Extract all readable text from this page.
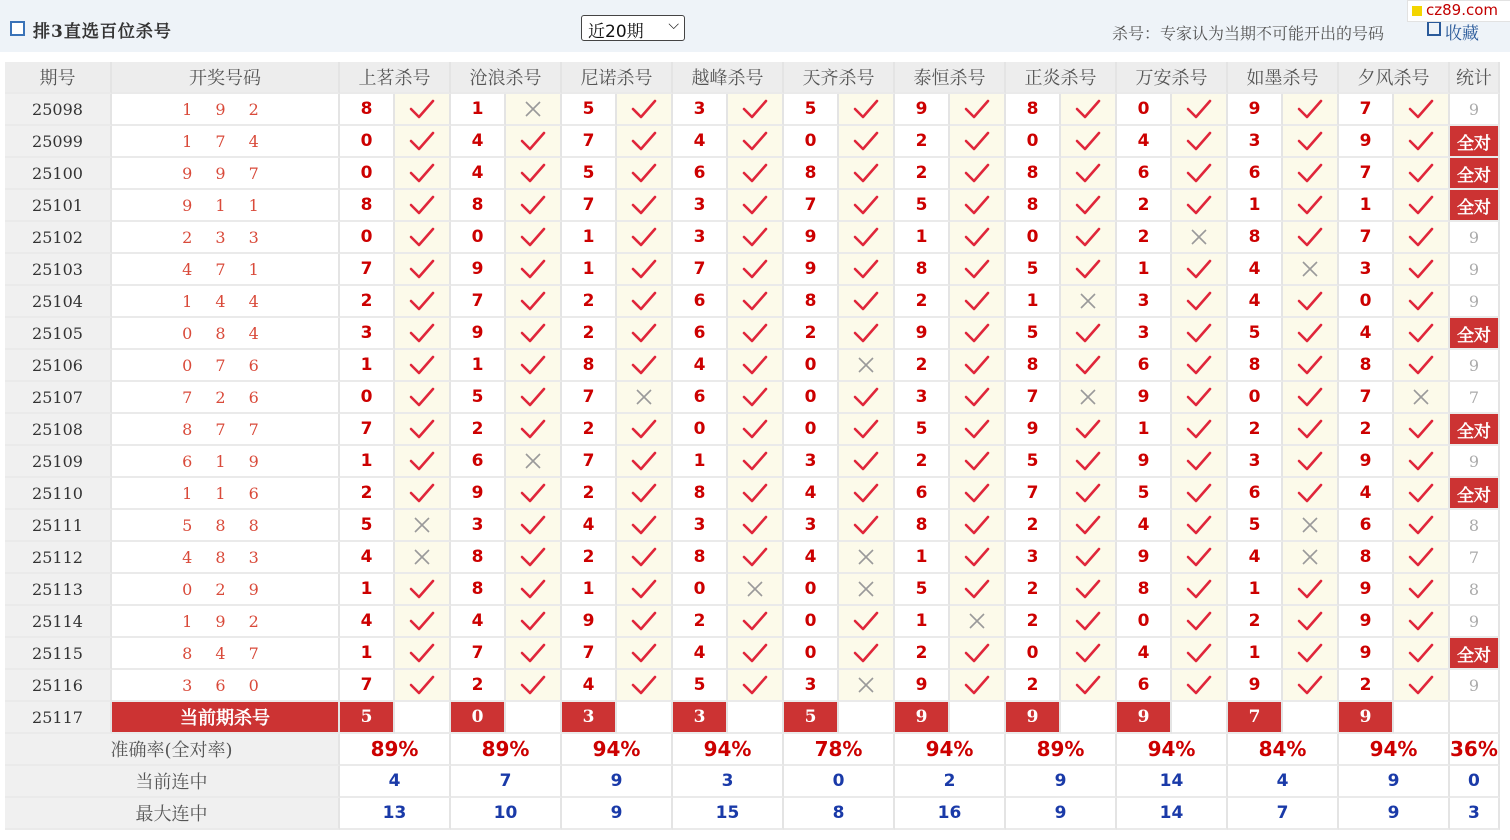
排3直选百位杀号	近20期 ⌵	杀号：专家认为当期不可能开出的号码	收藏
cz89.com
期号	开奖号码	上茗杀号		沧浪杀号		尼诺杀号		越峰杀号		天齐杀号		泰恒杀号		正炎杀号		万安杀号		如墨杀号		夕风杀号		统计
25098	1 9 2	8		1		5		3		5		9		8		0		9		7		9
25099	1 7 4	0		4		7		4		0		2		0		4		3		9		全对
25100	9 9 7	0		4		5		6		8		2		8		6		6		7		全对
25101	9 1 1	8		8		7		3		7		5		8		2		1		1		全对
25102	2 3 3	0		0		1		3		9		1		0		2		8		7		9
25103	4 7 1	7		9		1		7		9		8		5		1		4		3		9
25104	1 4 4	2		7		2		6		8		2		1		3		4		0		9
25105	0 8 4	3		9		2		6		2		9		5		3		5		4		全对
25106	0 7 6	1		1		8		4		0		2		8		6		8		8		9
25107	7 2 6	0		5		7		6		0		3		7		9		0		7		7
25108	8 7 7	7		2		2		0		0		5		9		1		2		2		全对
25109	6 1 9	1		6		7		1		3		2		5		9		3		9		9
25110	1 1 6	2		9		2		8		4		6		7		5		6		4		全对
25111	5 8 8	5		3		4		3		3		8		2		4		5		6		8
25112	4 8 3	4		8		2		8		4		1		3		9		4		8		7
25113	0 2 9	1		8		1		0		0		5		2		8		1		9		8
25114	1 9 2	4		4		9		2		0		1		2		0		2		9		9
25115	8 4 7	1		7		7		4		0		2		0		4		1		9		全对
25116	3 6 0	7		2		4		5		3		9		2		6		9		2		9
25117	当前期杀号	5		0		3		3		5		9		9		9		7		9		
准确率(全对率)		89%		89%		94%		94%		78%		94%		89%		94%		84%		94%		36%
当前连中		4		7		9		3		0		2		9		14		4		9		0
最大连中		13		10		9		15		8		16		9		14		7		9		3
